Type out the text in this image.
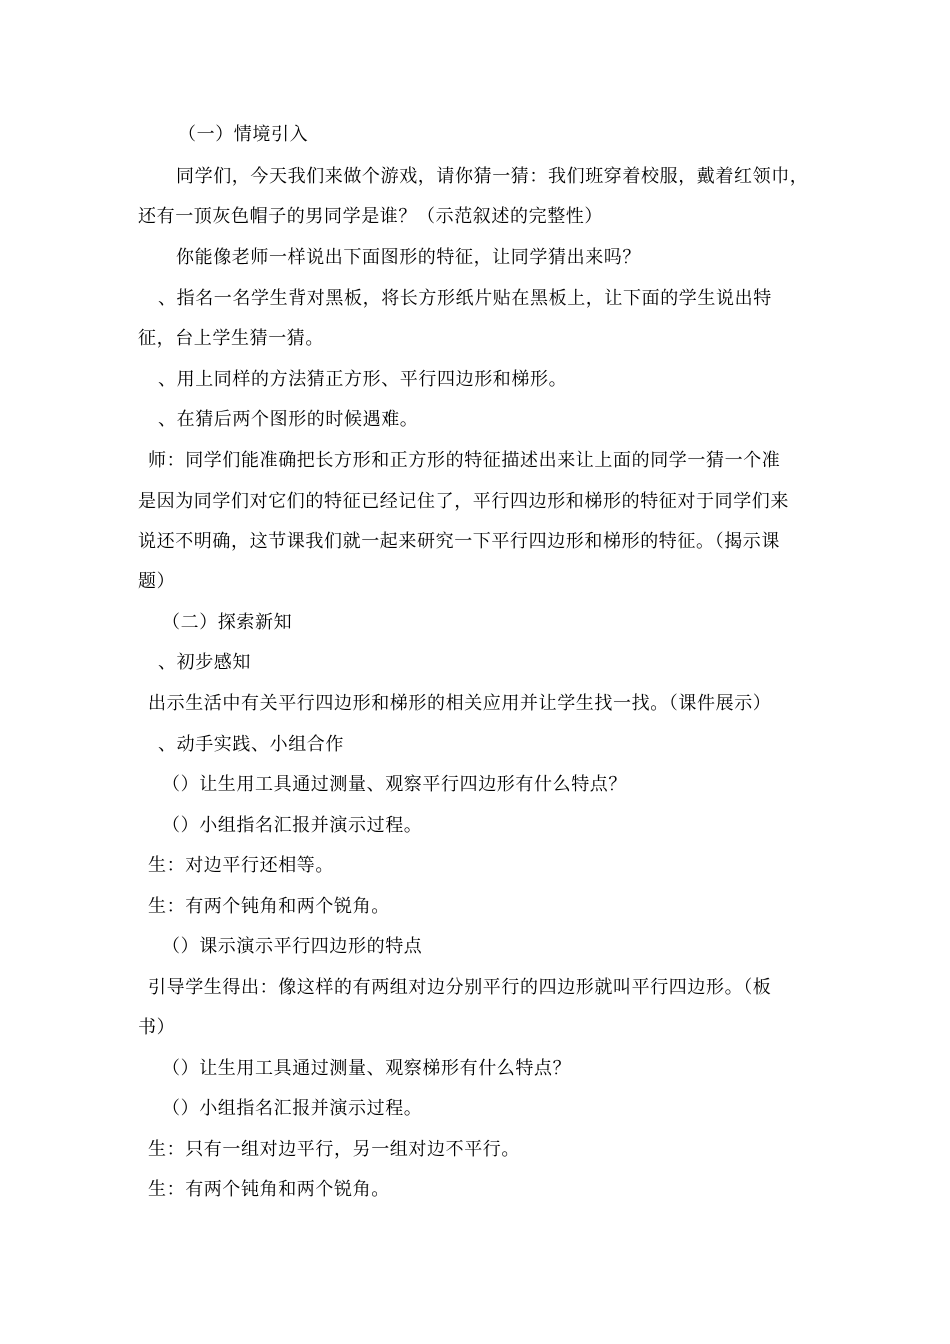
（一）情境引入
同学们，今天我们来做个游戏，请你猜一猜：我们班穿着校服，戴着红领巾，
还有一顶灰色帽子的男同学是谁？（示范叙述的完整性）
你能像老师一样说出下面图形的特征，让同学猜出来吗？
、指名一名学生背对黑板，将长方形纸片贴在黑板上，让下面的学生说出特
征，台上学生猜一猜。
、用上同样的方法猜正方形、平行四边形和梯形。
、在猜后两个图形的时候遇难。
师：同学们能准确把长方形和正方形的特征描述出来让上面的同学一猜一个准
是因为同学们对它们的特征已经记住了，平行四边形和梯形的特征对于同学们来
说还不明确，这节课我们就一起来研究一下平行四边形和梯形的特征。（揭示课
题）
（二）探索新知
、初步感知
出示生活中有关平行四边形和梯形的相关应用并让学生找一找。（课件展示）
、动手实践、小组合作
（）让生用工具通过测量、观察平行四边形有什么特点？
（）小组指名汇报并演示过程。
生：对边平行还相等。
生：有两个钝角和两个锐角。
（）课示演示平行四边形的特点
引导学生得出：像这样的有两组对边分别平行的四边形就叫平行四边形。（板
书）
（）让生用工具通过测量、观察梯形有什么特点？
（）小组指名汇报并演示过程。
生：只有一组对边平行，另一组对边不平行。
生：有两个钝角和两个锐角。
